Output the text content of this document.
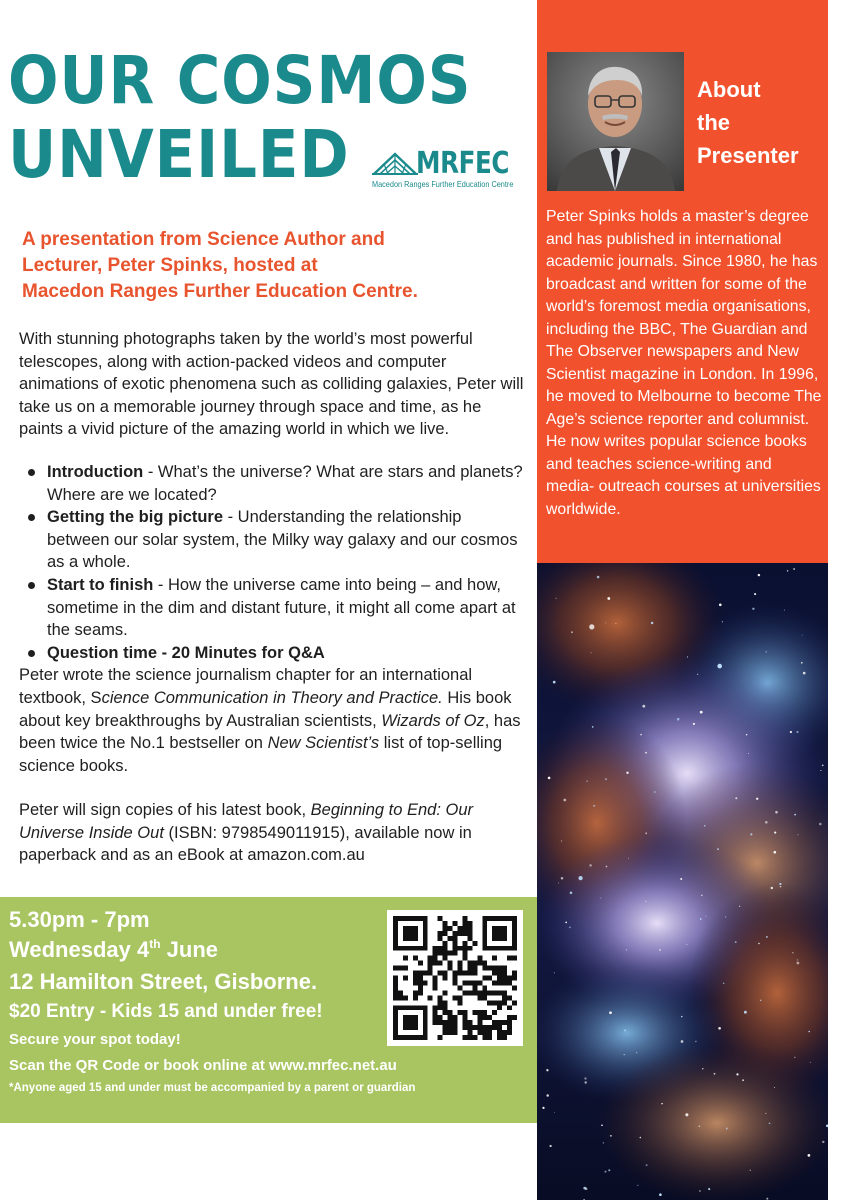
OUR COSMOS
UNVEILED	MRFEC
Macedon Ranges Further Education Centre
A presentation from Science Author and
Lecturer, Peter Spinks, hosted at
Macedon Ranges Further Education Centre.

With stunning photographs taken by the world’s most powerful telescopes, along with action-packed videos and computer animations of exotic phenomena such as colliding galaxies, Peter will take us on a memorable journey through space and time, as he paints a vivid picture of the amazing world in which we live.

Introduction - What’s the universe? What are stars and planets? Where are we located?
Getting the big picture - Understanding the relationship between our solar system, the Milky way galaxy and our cosmos as a whole.
Start to finish - How the universe came into being – and how, sometime in the dim and distant future, it might all come apart at the seams.
Question time - 20 Minutes for Q&A

Peter wrote the science journalism chapter for an international textbook, Science Communication in Theory and Practice. His book about key breakthroughs by Australian scientists, Wizards of Oz, has been twice the No.1 bestseller on New Scientist’s list of top-selling science books.

Peter will sign copies of his latest book, Beginning to End: Our Universe Inside Out (ISBN: 9798549011915), available now in paperback and as an eBook at amazon.com.au

5.30pm - 7pm
Wednesday 4th June
12 Hamilton Street, Gisborne.
$20 Entry - Kids 15 and under free!
Secure your spot today!
Scan the QR Code or book online at www.mrfec.net.au
*Anyone aged 15 and under must be accompanied by a parent or guardian
About
the
Presenter
Peter Spinks holds a master’s degree and has published in international academic journals. Since 1980, he has broadcast and written for some of the world’s foremost media organisations, including the BBC, The Guardian and The Observer newspapers and New Scientist magazine in London. In 1996, he moved to Melbourne to become The Age’s science reporter and columnist. He now writes popular science books and teaches science-writing and media- outreach courses at universities worldwide.
